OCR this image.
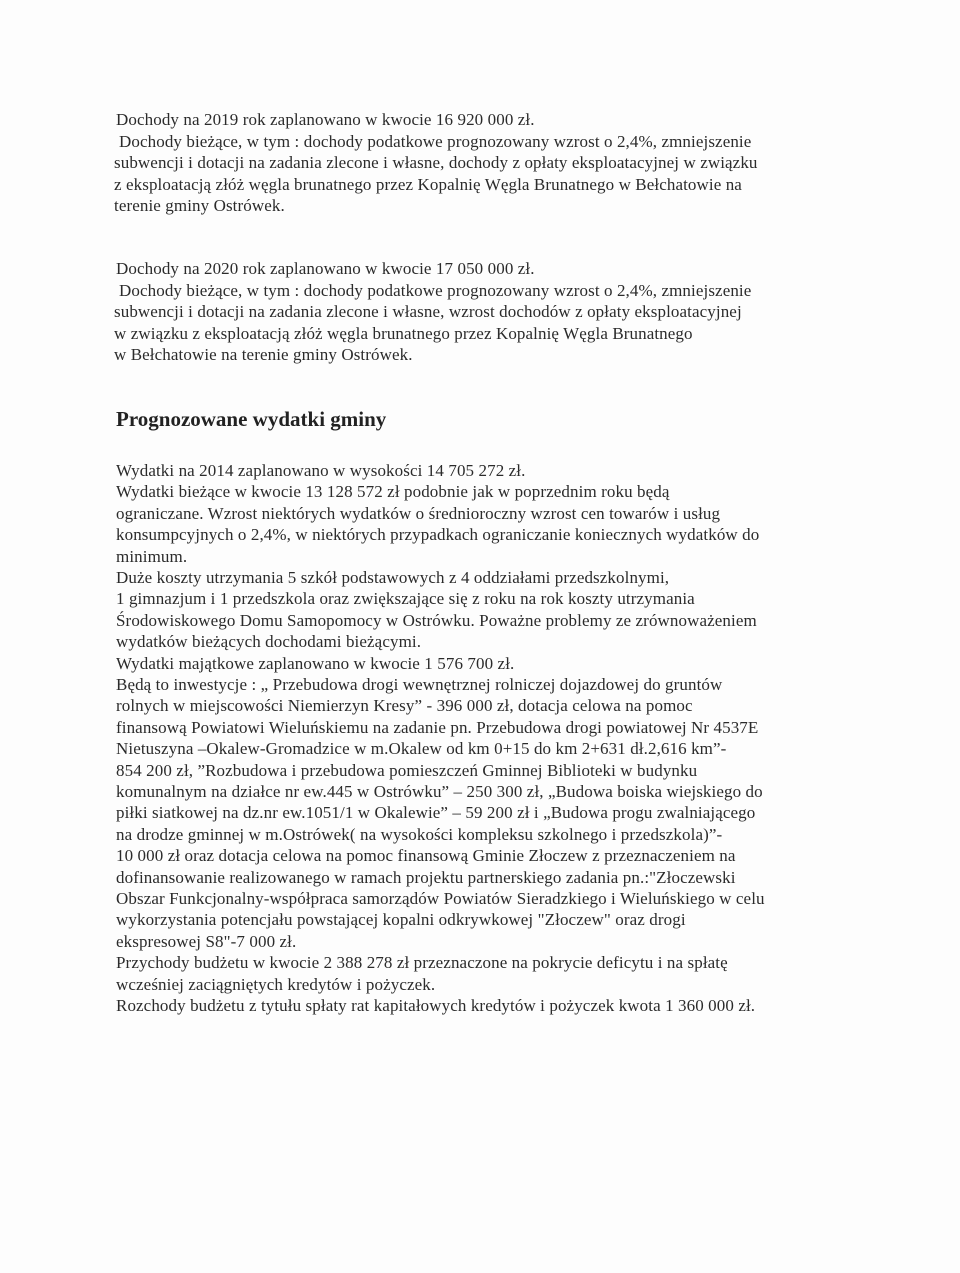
Dochody na 2019 rok zaplanowano w kwocie 16 920 000 zł.
Dochody bieżące, w tym : dochody podatkowe prognozowany wzrost o 2,4%, zmniejszenie
subwencji i dotacji na zadania zlecone i własne, dochody z opłaty eksploatacyjnej w związku
z eksploatacją złóż węgla brunatnego przez Kopalnię Węgla Brunatnego w Bełchatowie na
terenie gminy Ostrówek.
Dochody na 2020 rok zaplanowano w kwocie 17 050 000 zł.
Dochody bieżące, w tym : dochody podatkowe prognozowany wzrost o 2,4%, zmniejszenie
subwencji i dotacji na zadania zlecone i własne, wzrost dochodów z opłaty eksploatacyjnej
w związku z eksploatacją złóż węgla brunatnego przez Kopalnię Węgla Brunatnego
w Bełchatowie na terenie gminy Ostrówek.
Prognozowane wydatki gminy
Wydatki na 2014 zaplanowano w wysokości 14 705 272 zł.
Wydatki bieżące w kwocie 13 128 572 zł podobnie jak w poprzednim roku będą
ograniczane. Wzrost niektórych wydatków o średnioroczny wzrost cen towarów i usług
konsumpcyjnych o 2,4%, w niektórych przypadkach ograniczanie koniecznych wydatków do
minimum.
Duże koszty utrzymania 5 szkół podstawowych z 4 oddziałami przedszkolnymi,
1 gimnazjum i 1 przedszkola oraz zwiększające się z roku na rok koszty utrzymania
Środowiskowego Domu Samopomocy w Ostrówku. Poważne problemy ze zrównoważeniem
wydatków bieżących dochodami bieżącymi.
Wydatki majątkowe zaplanowano w kwocie 1 576 700 zł.
Będą to inwestycje : „ Przebudowa drogi wewnętrznej rolniczej dojazdowej do gruntów
rolnych w miejscowości Niemierzyn Kresy” - 396 000 zł, dotacja celowa na pomoc
finansową Powiatowi Wieluńskiemu na zadanie pn. Przebudowa drogi powiatowej Nr 4537E
Nietuszyna –Okalew-Gromadzice w m.Okalew od km 0+15 do km 2+631 dł.2,616 km”-
854 200 zł, ”Rozbudowa i przebudowa pomieszczeń Gminnej Biblioteki w budynku
komunalnym na działce nr ew.445 w Ostrówku” – 250 300 zł, „Budowa boiska wiejskiego do
piłki siatkowej na dz.nr ew.1051/1 w Okalewie” – 59 200 zł i „Budowa progu zwalniającego
na drodze gminnej w m.Ostrówek( na wysokości kompleksu szkolnego i przedszkola)”-
10 000 zł oraz dotacja celowa na pomoc finansową Gminie Złoczew z przeznaczeniem na
dofinansowanie realizowanego w ramach projektu partnerskiego zadania pn.:"Złoczewski
Obszar Funkcjonalny-współpraca samorządów Powiatów Sieradzkiego i Wieluńskiego w celu
wykorzystania potencjału powstającej kopalni odkrywkowej "Złoczew" oraz drogi
ekspresowej S8"-7 000 zł.
Przychody budżetu w kwocie 2 388 278 zł przeznaczone na pokrycie deficytu i na spłatę
wcześniej zaciągniętych kredytów i pożyczek.
Rozchody budżetu z tytułu spłaty rat kapitałowych kredytów i pożyczek kwota 1 360 000 zł.
